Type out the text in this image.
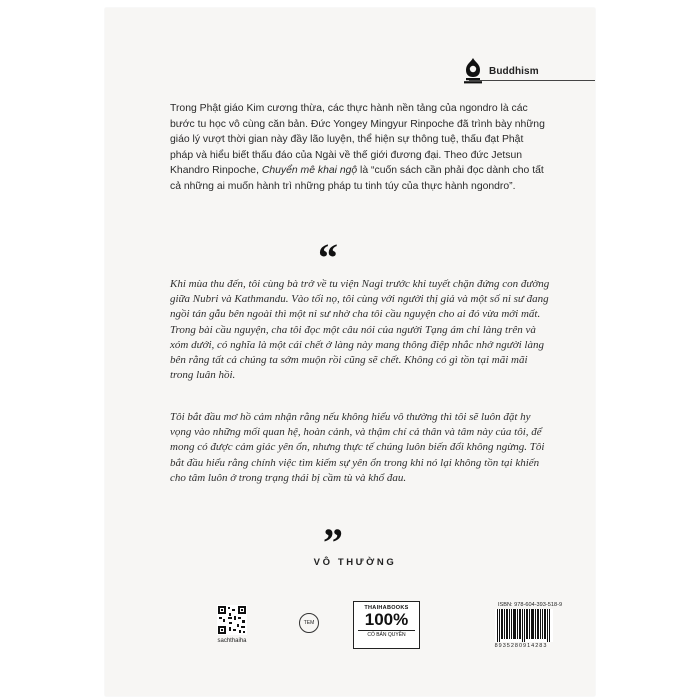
Buddhism
Trong Phật giáo Kim cương thừa, các thực hành nền tảng của ngondro là các bước tu học vô cùng căn bản. Đức Yongey Mingyur Rinpoche đã trình bày những giáo lý vượt thời gian này đầy lão luyện, thể hiện sự thông tuệ, thấu đạt Phật pháp và hiểu biết thấu đáo của Ngài về thế giới đương đại. Theo đức Jetsun Khandro Rinpoche, Chuyển mê khai ngộ là “cuốn sách cần phải đọc dành cho tất cả những ai muốn hành trì những pháp tu tinh túy của thực hành ngondro”.
“
Khi mùa thu đến, tôi cùng bà trở về tu viện Nagi trước khi tuyết chặn đứng con đường giữa Nubri và Kathmandu. Vào tối nọ, tôi cùng với người thị giả và một số ni sư đang ngồi tán gẫu bên ngoài thì một ni sư nhờ cha tôi cầu nguyện cho ai đó vừa mới mất. Trong bài cầu nguyện, cha tôi đọc một câu nói của người Tạng ám chỉ làng trên và xóm dưới, có nghĩa là một cái chết ở làng này mang thông điệp nhắc nhở người làng bên rằng tất cả chúng ta sớm muộn rồi cũng sẽ chết. Không có gì tồn tại mãi mãi trong luân hồi.
Tôi bắt đầu mơ hồ cảm nhận rằng nếu không hiểu vô thường thì tôi sẽ luôn đặt hy vọng vào những mối quan hệ, hoàn cảnh, và thậm chí cả thân và tâm này của tôi, để mong có được cảm giác yên ổn, nhưng thực tế chúng luôn biến đổi không ngừng. Tôi bắt đầu hiểu rằng chính việc tìm kiếm sự yên ổn trong khi nó lại không tồn tại khiến cho tâm luôn ở trong trạng thái bị cầm tù và khổ đau.
”
VÔ THƯỜNG
sachthaiha
TEM
THAIHABOOKS
100%
CÓ BẢN QUYỀN
ISBN: 978-604-393-518-9
8935280914283
